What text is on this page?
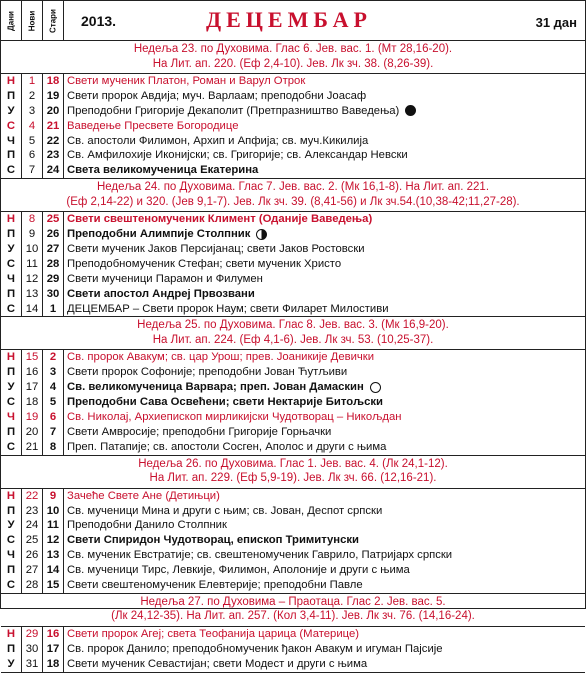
Дани Нови Стари 2013.	ДЕЦЕМБАР	31 дан
Недеља 23. по Духовима. Глас 6. Јев. вас. 1. (Мт 28,16-20).
На Лит. ап. 220. (Еф 2,4-10). Јев. Лк зч. 38. (8,26-39).
Н	1	18 Свети мученик Платон, Роман и Варул Отрок
П	2	19 Свети пророк Авдија; муч. Варлаам; преподобни Јоасаф
У	3	20 Преподобни Григорије Декаполит (Претпразништво Ваведења)
С	4	21 Ваведење Пресвете Богородице
Ч	5	22 Св. апостоли Филимон, Архип и Апфија; св. муч.Кикилија
П	6	23 Св. Амфилохије Иконијски; св. Григорије; св. Александар Невски
С	7	24 Света великомученица Екатерина
Недеља 24. по Духовима. Глас 7. Јев. вас. 2. (Мк 16,1-8). На Лит. ап. 221.
(Еф 2,14-22) и 320. (Јев 9,1-7). Јев. Лк зч. 39. (8,41-56) и Лк зч.54.(10,38-42;11,27-28).
Н	8	25 Свети свештеномученик Климент (Оданије Ваведења)
П	9	26 Преподобни Алимпије Столпник
У 10 27 Свети мученик Јаков Персијанац; свети Јаков Ростовски
С 11 28 Преподобномученик Стефан; свети мученик Христо
Ч 12 29 Свети мученици Парамон и Филумен
П 13 30 Свети апостол Андреј Првозвани
С 14	1 ДЕЦЕМБАР – Свети пророк Наум; свети Филарет Милостиви
Недеља 25. по Духовима. Глас 8. Јев. вас. 3. (Мк 16,9-20).
На Лит. ап. 224. (Еф 4,1-6). Јев. Лк зч. 53. (10,25-37).
Н 15	2 Св. пророк Авакум; св. цар Урош; прев. Јоаникије Девички
П 16	3 Свети пророк Софоније; преподобни Јован Ћутљиви
У 17	4 Св. великомученица Варвара; преп. Јован Дамаскин
С 18	5 Преподобни Сава Освећени; свети Нектарије Битољски
Ч 19	6 Св. Николај, Архиепископ мирликијски Чудотворац – Никољдан
П 20	7 Свети Амвросије; преподобни Григорије Горњачки
С 21	8 Преп. Патапије; св. апостоли Сосген, Аполос и други с њима
Недеља 26. по Духовима. Глас 1. Јев. вас. 4. (Лк 24,1-12).
На Лит. ап. 229. (Еф 5,9-19). Јев. Лк зч. 66. (12,16-21).
Н 22	9 Зачеће Свете Ане (Детињци)
П 23 10 Св. мученици Мина и други с њим; св. Јован, Деспот српски
У 24 11 Преподобни Данило Столпник
С 25 12 Свети Спиридон Чудотворац, епископ Тримитунски
Ч 26 13 Св. мученик Евстратије; св. свештеномученик Гаврило, Патријарх српски
П 27 14 Св. мученици Тирс, Левкије, Филимон, Аполоније и други с њима
С 28 15 Свети свештеномученик Елевтерије; преподобни Павле
Недеља 27. по Духовима – Праотаца. Глас 2. Јев. вас. 5.
(Лк 24,12-35). На Лит. ап. 257. (Кол 3,4-11). Јев. Лк зч. 76. (14,16-24).
Н 29 16 Свети пророк Агеј; света Теофанија царица (Материце)
П 30 17 Св. пророк Данило; преподобномученик ђакон Авакум и игуман Пајсије
У 31 18 Свети мученик Севастијан; свети Модест и други с њима
